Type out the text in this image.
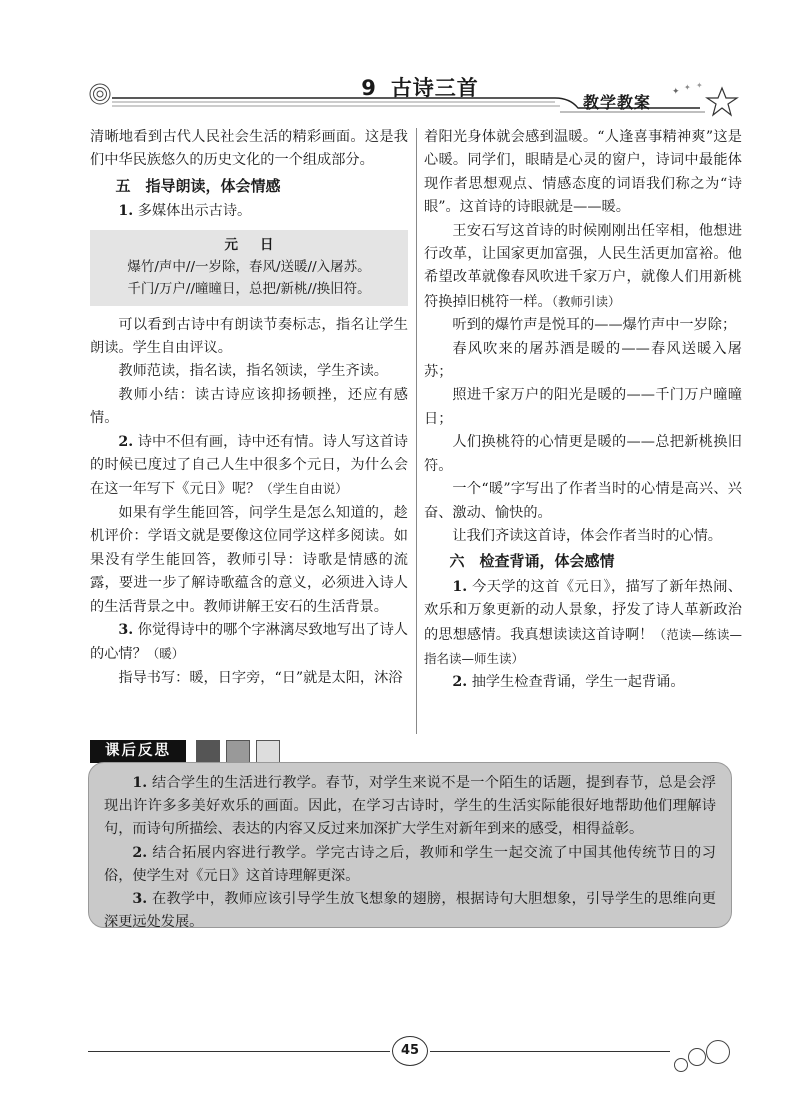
9 古诗三首
教学教案
✦ ✦ ✦

清晰地看到古代人民社会生活的精彩画面。这是我们中华民族悠久的历史文化的一个组成部分。

五　指导朗读，体会情感

1. 多媒体出示古诗。

元日
爆竹/声中//一岁除，春风/送暖//入屠苏。
千门/万户//曈曈日，总把/新桃//换旧符。

可以看到古诗中有朗读节奏标志，指名让学生朗读。学生自由评议。

教师范读，指名读，指名领读，学生齐读。

教师小结：读古诗应该抑扬顿挫，还应有感情。

2. 诗中不但有画，诗中还有情。诗人写这首诗的时候已度过了自己人生中很多个元日，为什么会在这一年写下《元日》呢？（学生自由说）

如果有学生能回答，问学生是怎么知道的，趁机评价：学语文就是要像这位同学这样多阅读。如果没有学生能回答，教师引导：诗歌是情感的流露，要进一步了解诗歌蕴含的意义，必须进入诗人的生活背景之中。教师讲解王安石的生活背景。

3. 你觉得诗中的哪个字淋漓尽致地写出了诗人的心情？（暖）

指导书写：暖，日字旁，“日”就是太阳，沐浴

着阳光身体就会感到温暖。“人逢喜事精神爽”这是心暖。同学们，眼睛是心灵的窗户，诗词中最能体现作者思想观点、情感态度的词语我们称之为“诗眼”。这首诗的诗眼就是——暖。

王安石写这首诗的时候刚刚出任宰相，他想进行改革，让国家更加富强，人民生活更加富裕。他希望改革就像春风吹进千家万户，就像人们用新桃符换掉旧桃符一样。（教师引读）

听到的爆竹声是悦耳的——爆竹声中一岁除；

春风吹来的屠苏酒是暖的——春风送暖入屠苏；

照进千家万户的阳光是暖的——千门万户曈曈日；

人们换桃符的心情更是暖的——总把新桃换旧符。

一个“暖”字写出了作者当时的心情是高兴、兴奋、激动、愉快的。

让我们齐读这首诗，体会作者当时的心情。

六　检查背诵，体会感情

1. 今天学的这首《元日》，描写了新年热闹、欢乐和万象更新的动人景象，抒发了诗人革新政治的思想感情。我真想读读这首诗啊！（范读—练读—指名读—师生读）

2. 抽学生检查背诵，学生一起背诵。

课后反思

1. 结合学生的生活进行教学。春节，对学生来说不是一个陌生的话题，提到春节，总是会浮现出许许多多美好欢乐的画面。因此，在学习古诗时，学生的生活实际能很好地帮助他们理解诗句，而诗句所描绘、表达的内容又反过来加深扩大学生对新年到来的感受，相得益彰。

2. 结合拓展内容进行教学。学完古诗之后，教师和学生一起交流了中国其他传统节日的习俗，使学生对《元日》这首诗理解更深。

3. 在教学中，教师应该引导学生放飞想象的翅膀，根据诗句大胆想象，引导学生的思维向更深更远处发展。

45
